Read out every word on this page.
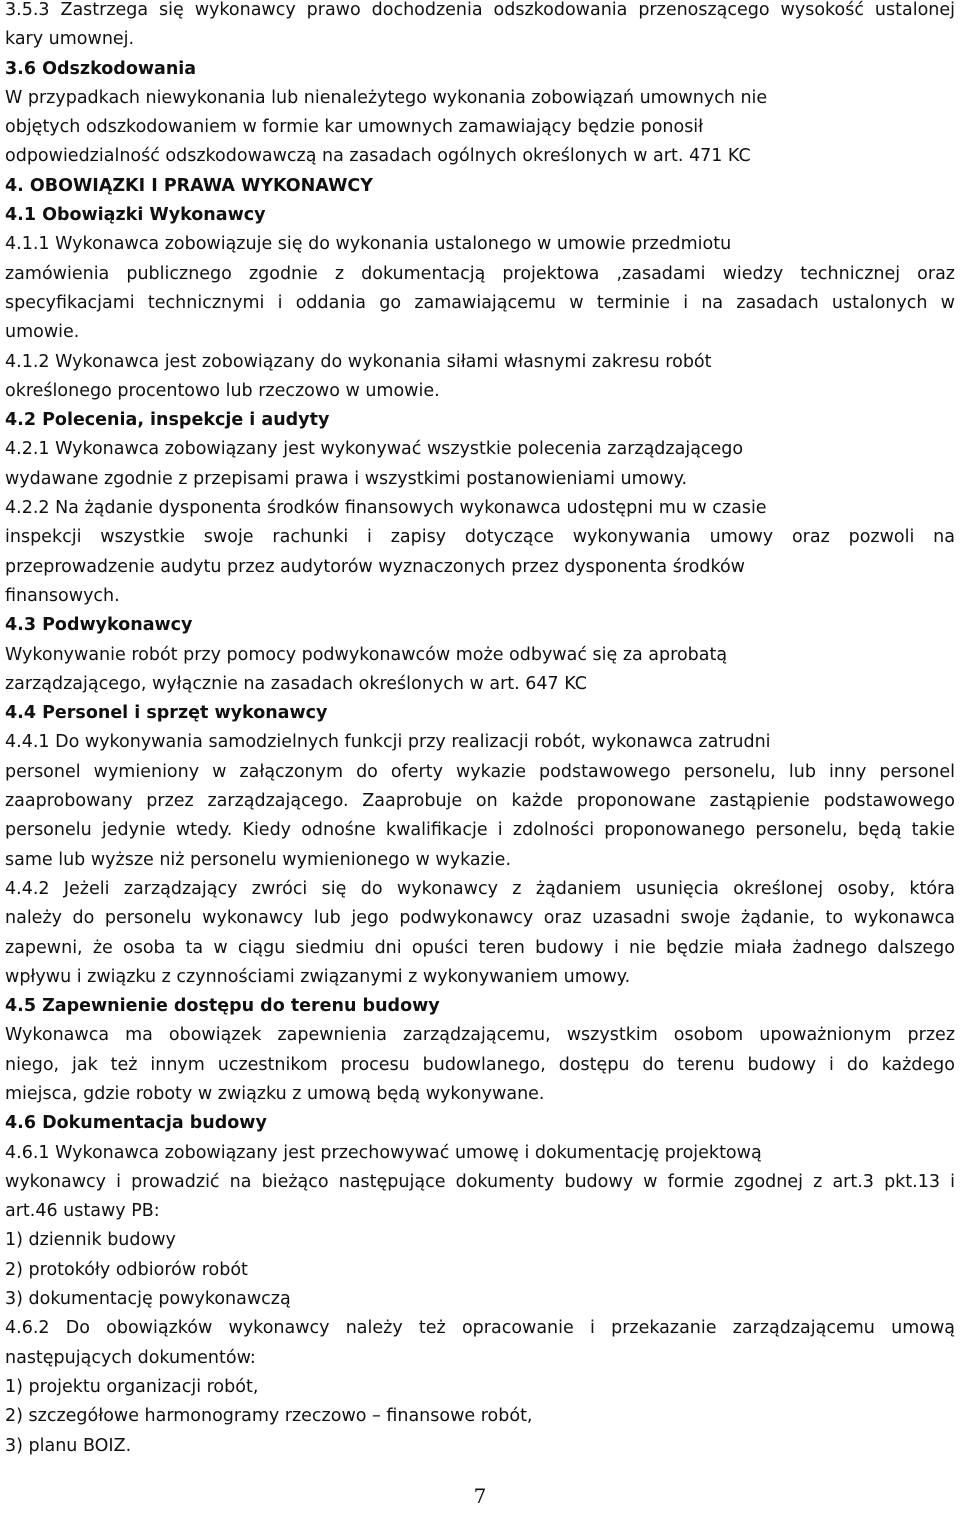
3.5.3 Zastrzega się wykonawcy prawo dochodzenia odszkodowania przenoszącego wysokość ustalonej
kary umownej.
3.6 Odszkodowania
W przypadkach niewykonania lub nienależytego wykonania zobowiązań umownych nie
objętych odszkodowaniem w formie kar umownych zamawiający będzie ponosił
odpowiedzialność odszkodowawczą na zasadach ogólnych określonych w art. 471 KC
4. OBOWIĄZKI I PRAWA WYKONAWCY
4.1 Obowiązki Wykonawcy
4.1.1 Wykonawca zobowiązuje się do wykonania ustalonego w umowie przedmiotu
zamówienia publicznego zgodnie z dokumentacją projektowa ,zasadami wiedzy technicznej oraz
specyfikacjami technicznymi i oddania go zamawiającemu w terminie i na zasadach ustalonych w
umowie.
4.1.2 Wykonawca jest zobowiązany do wykonania siłami własnymi zakresu robót
określonego procentowo lub rzeczowo w umowie.
4.2 Polecenia, inspekcje i audyty
4.2.1 Wykonawca zobowiązany jest wykonywać wszystkie polecenia zarządzającego
wydawane zgodnie z przepisami prawa i wszystkimi postanowieniami umowy.
4.2.2 Na żądanie dysponenta środków finansowych wykonawca udostępni mu w czasie
inspekcji wszystkie swoje rachunki i zapisy dotyczące wykonywania umowy oraz pozwoli na
przeprowadzenie audytu przez audytorów wyznaczonych przez dysponenta środków
finansowych.
4.3 Podwykonawcy
Wykonywanie robót przy pomocy podwykonawców może odbywać się za aprobatą
zarządzającego, wyłącznie na zasadach określonych w art. 647 KC
4.4 Personel i sprzęt wykonawcy
4.4.1 Do wykonywania samodzielnych funkcji przy realizacji robót, wykonawca zatrudni
personel wymieniony w załączonym do oferty wykazie podstawowego personelu, lub inny personel
zaaprobowany przez zarządzającego. Zaaprobuje on każde proponowane zastąpienie podstawowego
personelu jedynie wtedy. Kiedy odnośne kwalifikacje i zdolności proponowanego personelu, będą takie
same lub wyższe niż personelu wymienionego w wykazie.
4.4.2 Jeżeli zarządzający zwróci się do wykonawcy z żądaniem usunięcia określonej osoby, która
należy do personelu wykonawcy lub jego podwykonawcy oraz uzasadni swoje żądanie, to wykonawca
zapewni, że osoba ta w ciągu siedmiu dni opuści teren budowy i nie będzie miała żadnego dalszego
wpływu i związku z czynnościami związanymi z wykonywaniem umowy.
4.5 Zapewnienie dostępu do terenu budowy
Wykonawca ma obowiązek zapewnienia zarządzającemu, wszystkim osobom upoważnionym przez
niego, jak też innym uczestnikom procesu budowlanego, dostępu do terenu budowy i do każdego
miejsca, gdzie roboty w związku z umową będą wykonywane.
4.6 Dokumentacja budowy
4.6.1 Wykonawca zobowiązany jest przechowywać umowę i dokumentację projektową
wykonawcy i prowadzić na bieżąco następujące dokumenty budowy w formie zgodnej z art.3 pkt.13 i
art.46 ustawy PB:
1) dziennik budowy
2) protokóły odbiorów robót
3) dokumentację powykonawczą
4.6.2 Do obowiązków wykonawcy należy też opracowanie i przekazanie zarządzającemu umową
następujących dokumentów:
1) projektu organizacji robót,
2) szczegółowe harmonogramy rzeczowo – finansowe robót,
3) planu BOIZ.
7
